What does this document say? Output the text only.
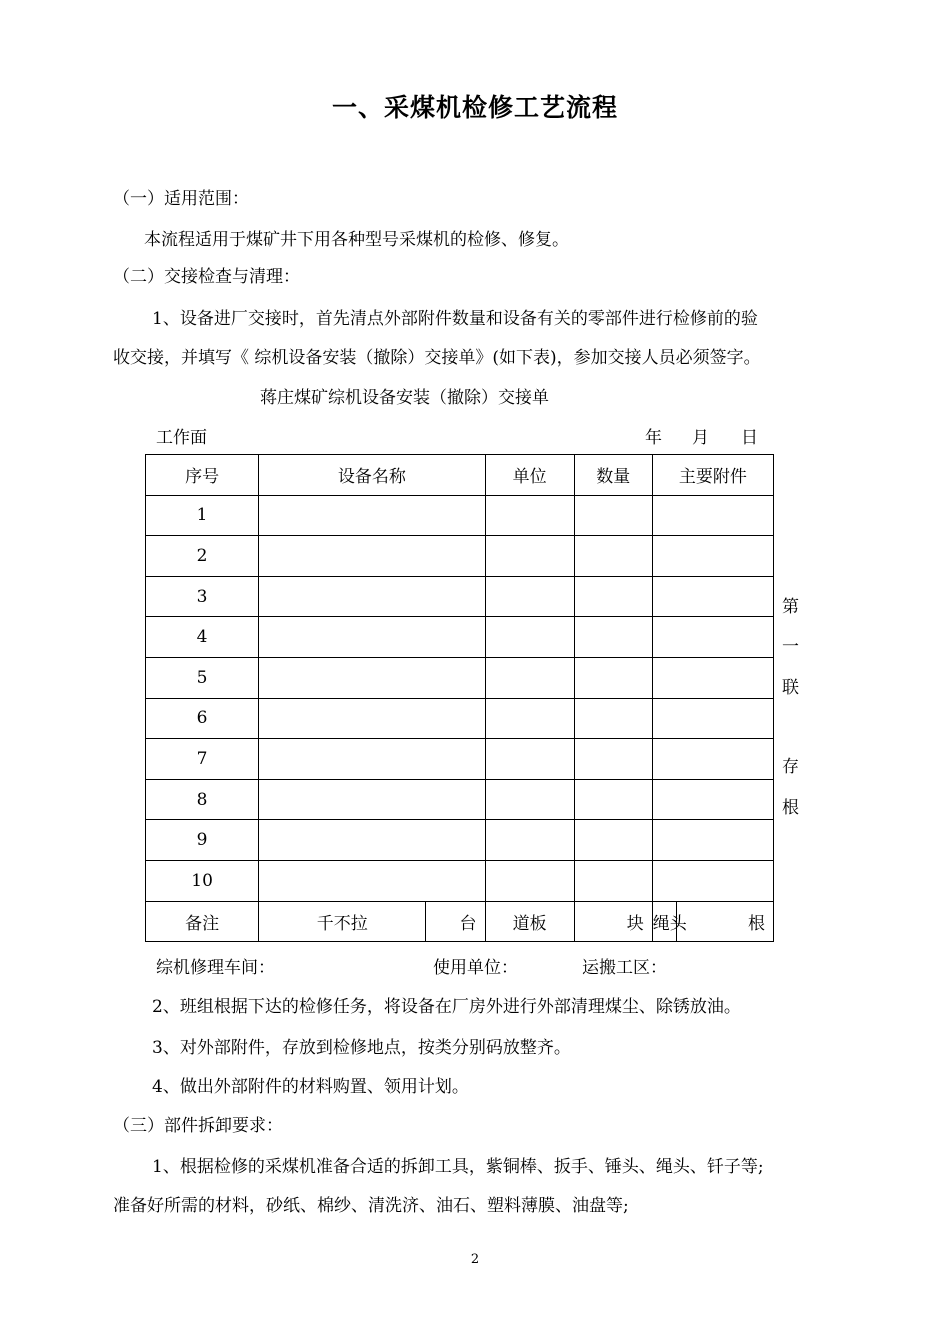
一、采煤机检修工艺流程
（一）适用范围：
本流程适用于煤矿井下用各种型号采煤机的检修、修复。
（二）交接检查与清理：
1、设备进厂交接时，首先清点外部附件数量和设备有关的零部件进行检修前的验
收交接，并填写《 综机设备安装（撤除）交接单》(如下表)，参加交接人员必须签字。
蒋庄煤矿综机设备安装（撤除）交接单
工作面	年 月 日
序号	设备名称		单位	数量	主要附件	
1						
2						
3						
4						
5						
6						
7						
8						
9						
10						
备注	千不拉	台	道板	块	绳头	根
第
一
联
存
根
综机修理车间：	使用单位：	运搬工区：
2、班组根据下达的检修任务，将设备在厂房外进行外部清理煤尘、除锈放油。
3、对外部附件，存放到检修地点，按类分别码放整齐。
4、做出外部附件的材料购置、领用计划。
（三）部件拆卸要求：
1、根据检修的采煤机准备合适的拆卸工具，紫铜棒、扳手、锤头、绳头、钎子等;
准备好所需的材料，砂纸、棉纱、清洗济、油石、塑料薄膜、油盘等;
2
